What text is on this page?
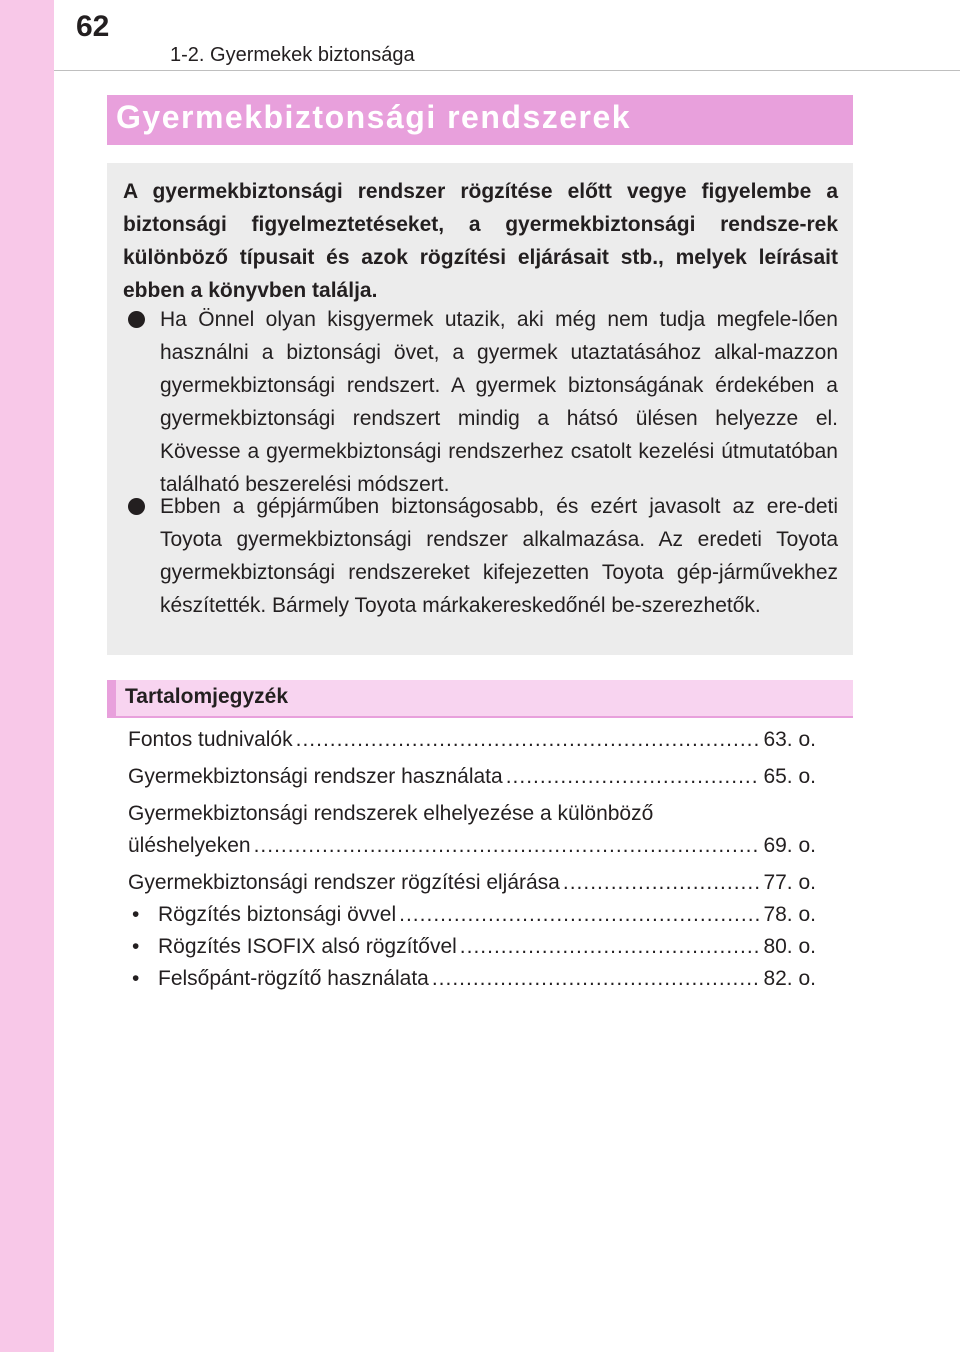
62
1-2. Gyermekek biztonsága
Gyermekbiztonsági rendszerek
A gyermekbiztonsági rendszer rögzítése előtt vegye figyelembe a biztonsági figyelmeztetéseket, a gyermekbiztonsági rendsze-rek különböző típusait és azok rögzítési eljárásait stb., melyek leírásait ebben a könyvben találja.
Ha Önnel olyan kisgyermek utazik, aki még nem tudja megfele-lően használni a biztonsági övet, a gyermek utaztatásához alkal-mazzon gyermekbiztonsági rendszert. A gyermek biztonságának érdekében a gyermekbiztonsági rendszert mindig a hátsó ülésen helyezze el. Kövesse a gyermekbiztonsági rendszerhez csatolt kezelési útmutatóban található beszerelési módszert.
Ebben a gépjárműben biztonságosabb, és ezért javasolt az ere-deti Toyota gyermekbiztonsági rendszer alkalmazása. Az eredeti Toyota gyermekbiztonsági rendszereket kifejezetten Toyota gép-járművekhez készítették. Bármely Toyota márkakereskedőnél be-szerezhetők.
Tartalomjegyzék
Fontos tudnivalók .....	63. o.
Gyermekbiztonsági rendszer használata .....	65. o.
Gyermekbiztonsági rendszerek elhelyezése a különböző
üléshelyeken .....	69. o.
Gyermekbiztonsági rendszer rögzítési eljárása .....	77. o.
• Rögzítés biztonsági övvel .....	78. o.
• Rögzítés ISOFIX alsó rögzítővel .....	80. o.
• Felsőpánt-rögzítő használata .....	82. o.
